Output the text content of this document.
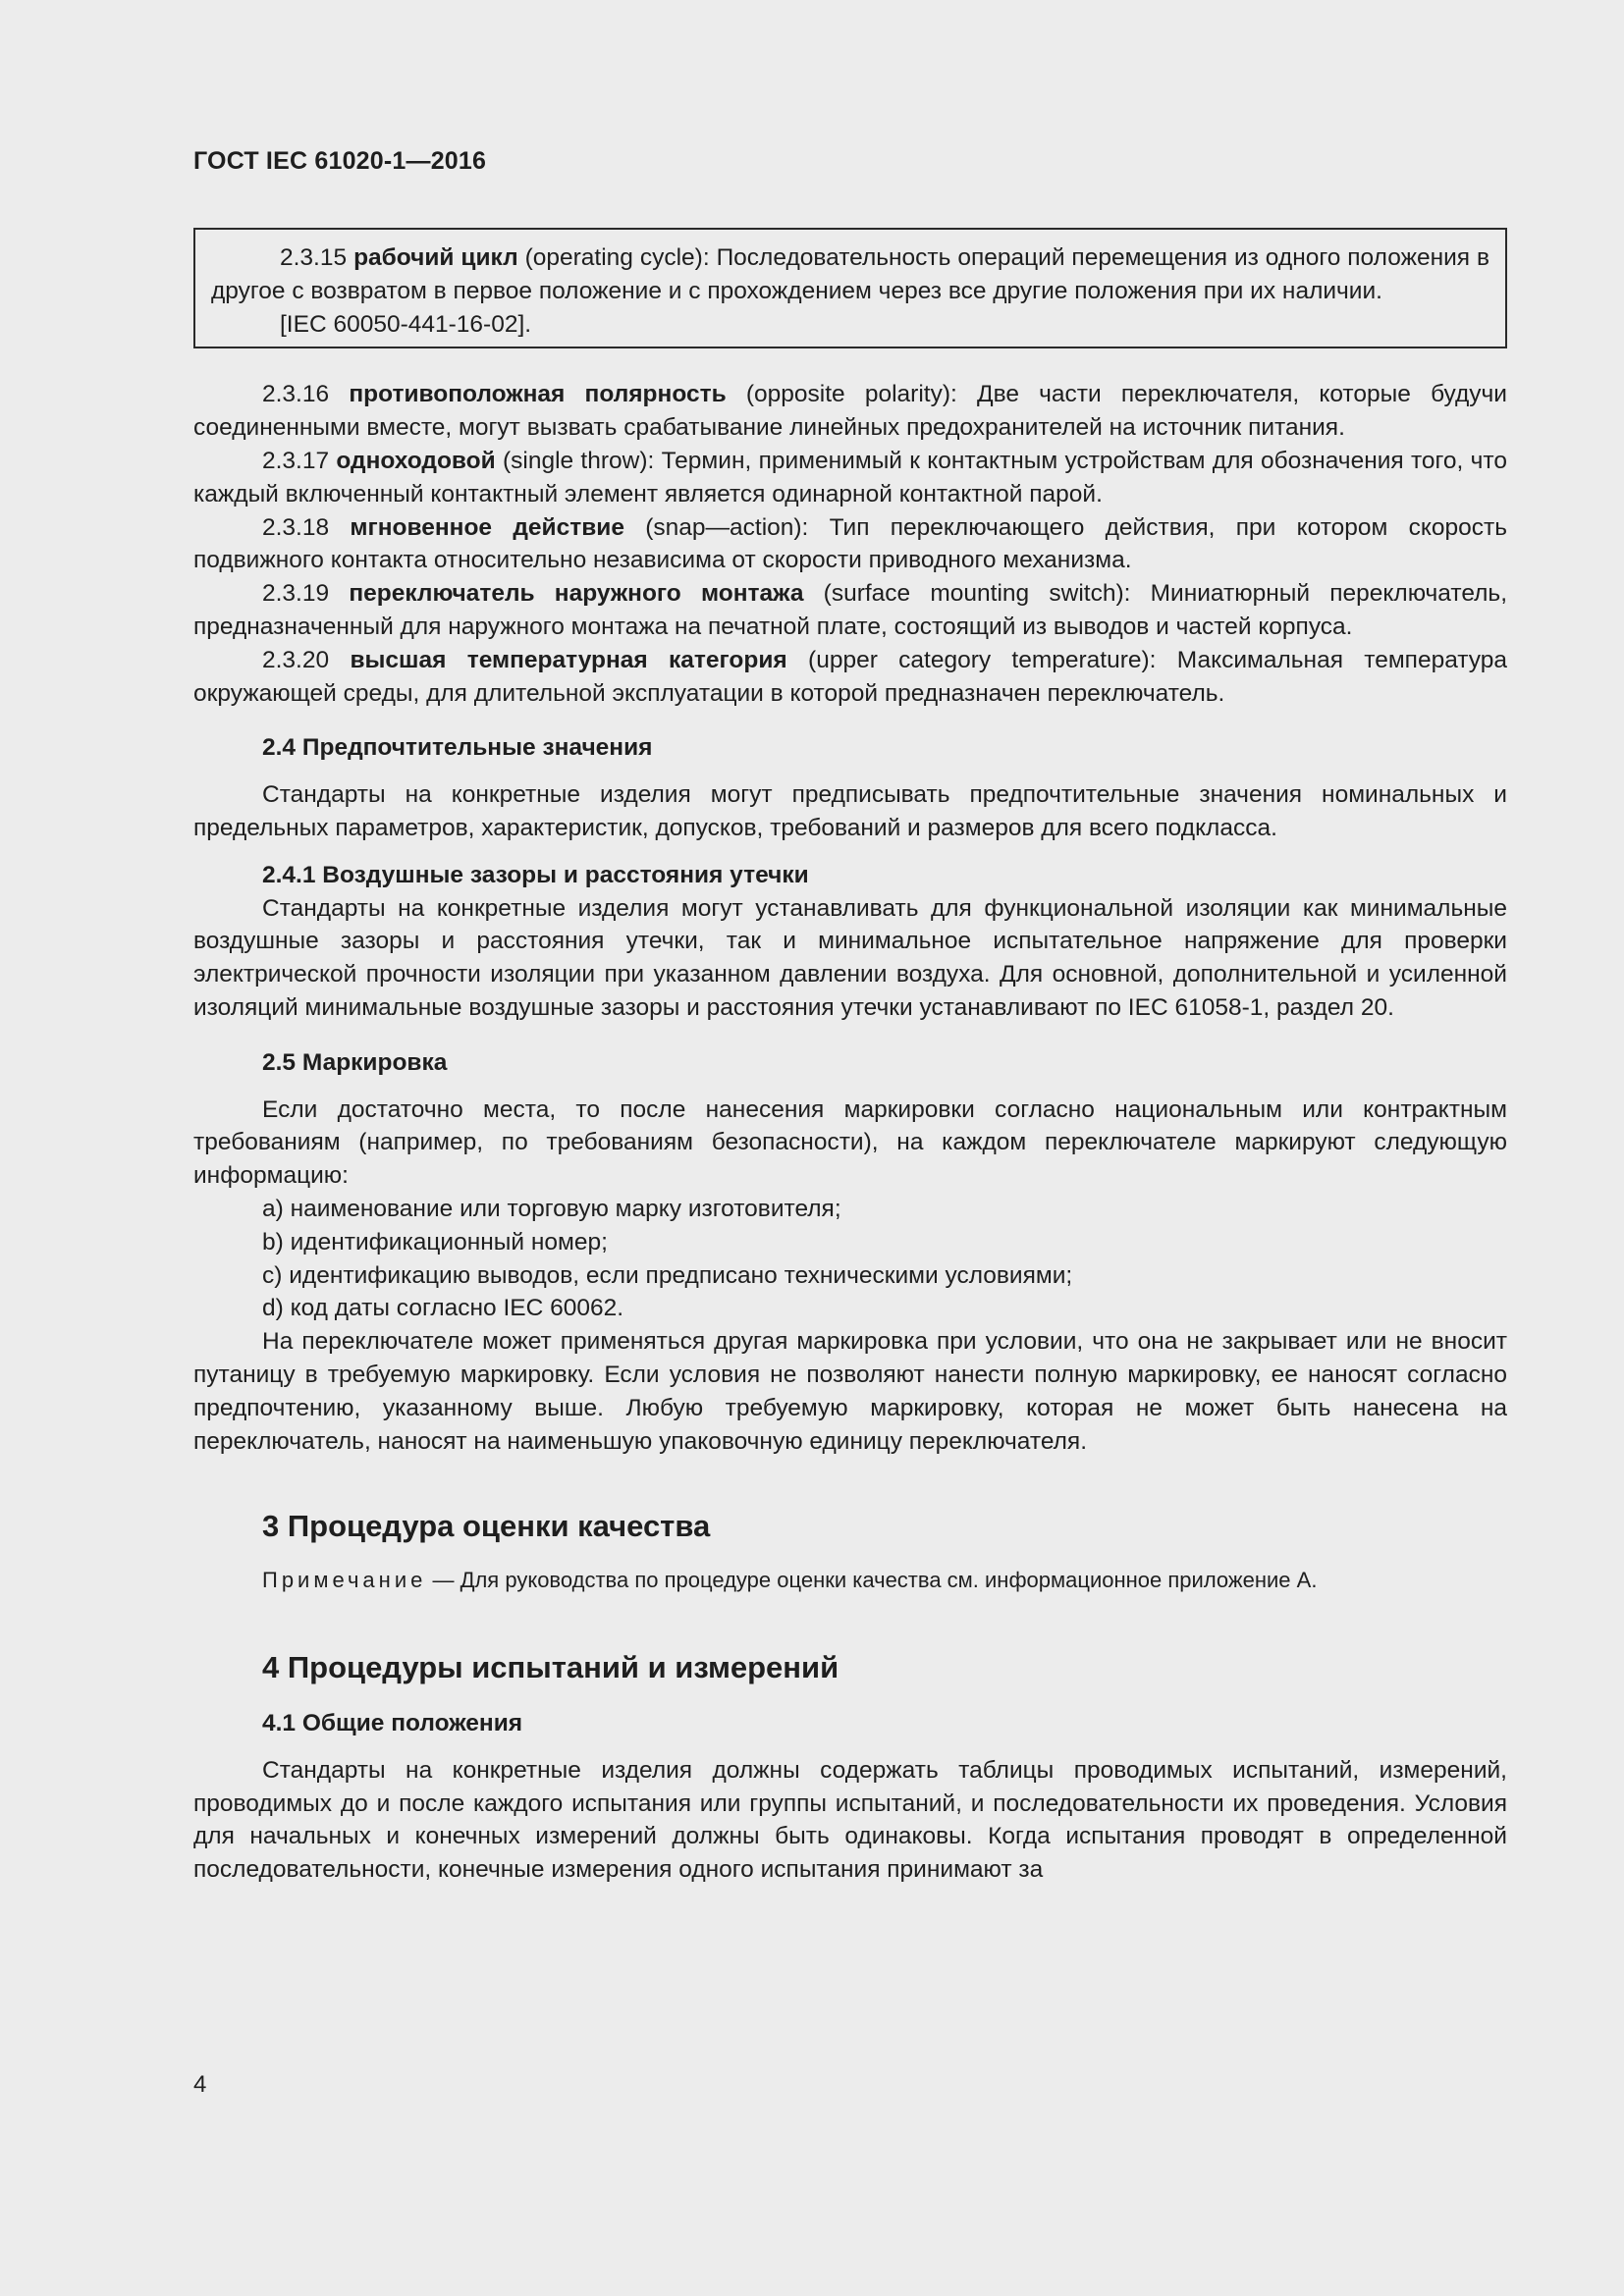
ГОСТ IEC 61020-1—2016

2.3.15 рабочий цикл (operating cycle): Последовательность операций перемещения из одного положения в другое с возвратом в первое положение и с прохождением через все другие положения при их наличии.

[IEC 60050-441-16-02].

2.3.16 противоположная полярность (opposite polarity): Две части переключателя, которые будучи соединенными вместе, могут вызвать срабатывание линейных предохранителей на источник питания.

2.3.17 одноходовой (single throw): Термин, применимый к контактным устройствам для обозначения того, что каждый включенный контактный элемент является одинарной контактной парой.

2.3.18 мгновенное действие (snap—action): Тип переключающего действия, при котором скорость подвижного контакта относительно независима от скорости приводного механизма.

2.3.19 переключатель наружного монтажа (surface mounting switch): Миниатюрный переключатель, предназначенный для наружного монтажа на печатной плате, состоящий из выводов и частей корпуса.

2.3.20 высшая температурная категория (upper category temperature): Максимальная температура окружающей среды, для длительной эксплуатации в которой предназначен переключатель.

2.4 Предпочтительные значения

Стандарты на конкретные изделия могут предписывать предпочтительные значения номинальных и предельных параметров, характеристик, допусков, требований и размеров для всего подкласса.

2.4.1 Воздушные зазоры и расстояния утечки

Стандарты на конкретные изделия могут устанавливать для функциональной изоляции как минимальные воздушные зазоры и расстояния утечки, так и минимальное испытательное напряжение для проверки электрической прочности изоляции при указанном давлении воздуха. Для основной, дополнительной и усиленной изоляций минимальные воздушные зазоры и расстояния утечки устанавливают по IEC 61058-1, раздел 20.

2.5 Маркировка

Если достаточно места, то после нанесения маркировки согласно национальным или контрактным требованиям (например, по требованиям безопасности), на каждом переключателе маркируют следующую информацию:

a) наименование или торговую марку изготовителя;

b) идентификационный номер;

c) идентификацию выводов, если предписано техническими условиями;

d) код даты согласно IEC 60062.

На переключателе может применяться другая маркировка при условии, что она не закрывает или не вносит путаницу в требуемую маркировку. Если условия не позволяют нанести полную маркировку, ее наносят согласно предпочтению, указанному выше. Любую требуемую маркировку, которая не может быть нанесена на переключатель, наносят на наименьшую упаковочную единицу переключателя.

3 Процедура оценки качества

Примечание — Для руководства по процедуре оценки качества см. информационное приложение А.

4 Процедуры испытаний и измерений

4.1 Общие положения

Стандарты на конкретные изделия должны содержать таблицы проводимых испытаний, измерений, проводимых до и после каждого испытания или группы испытаний, и последовательности их проведения. Условия для начальных и конечных измерений должны быть одинаковы. Когда испытания проводят в определенной последовательности, конечные измерения одного испытания принимают за

4
